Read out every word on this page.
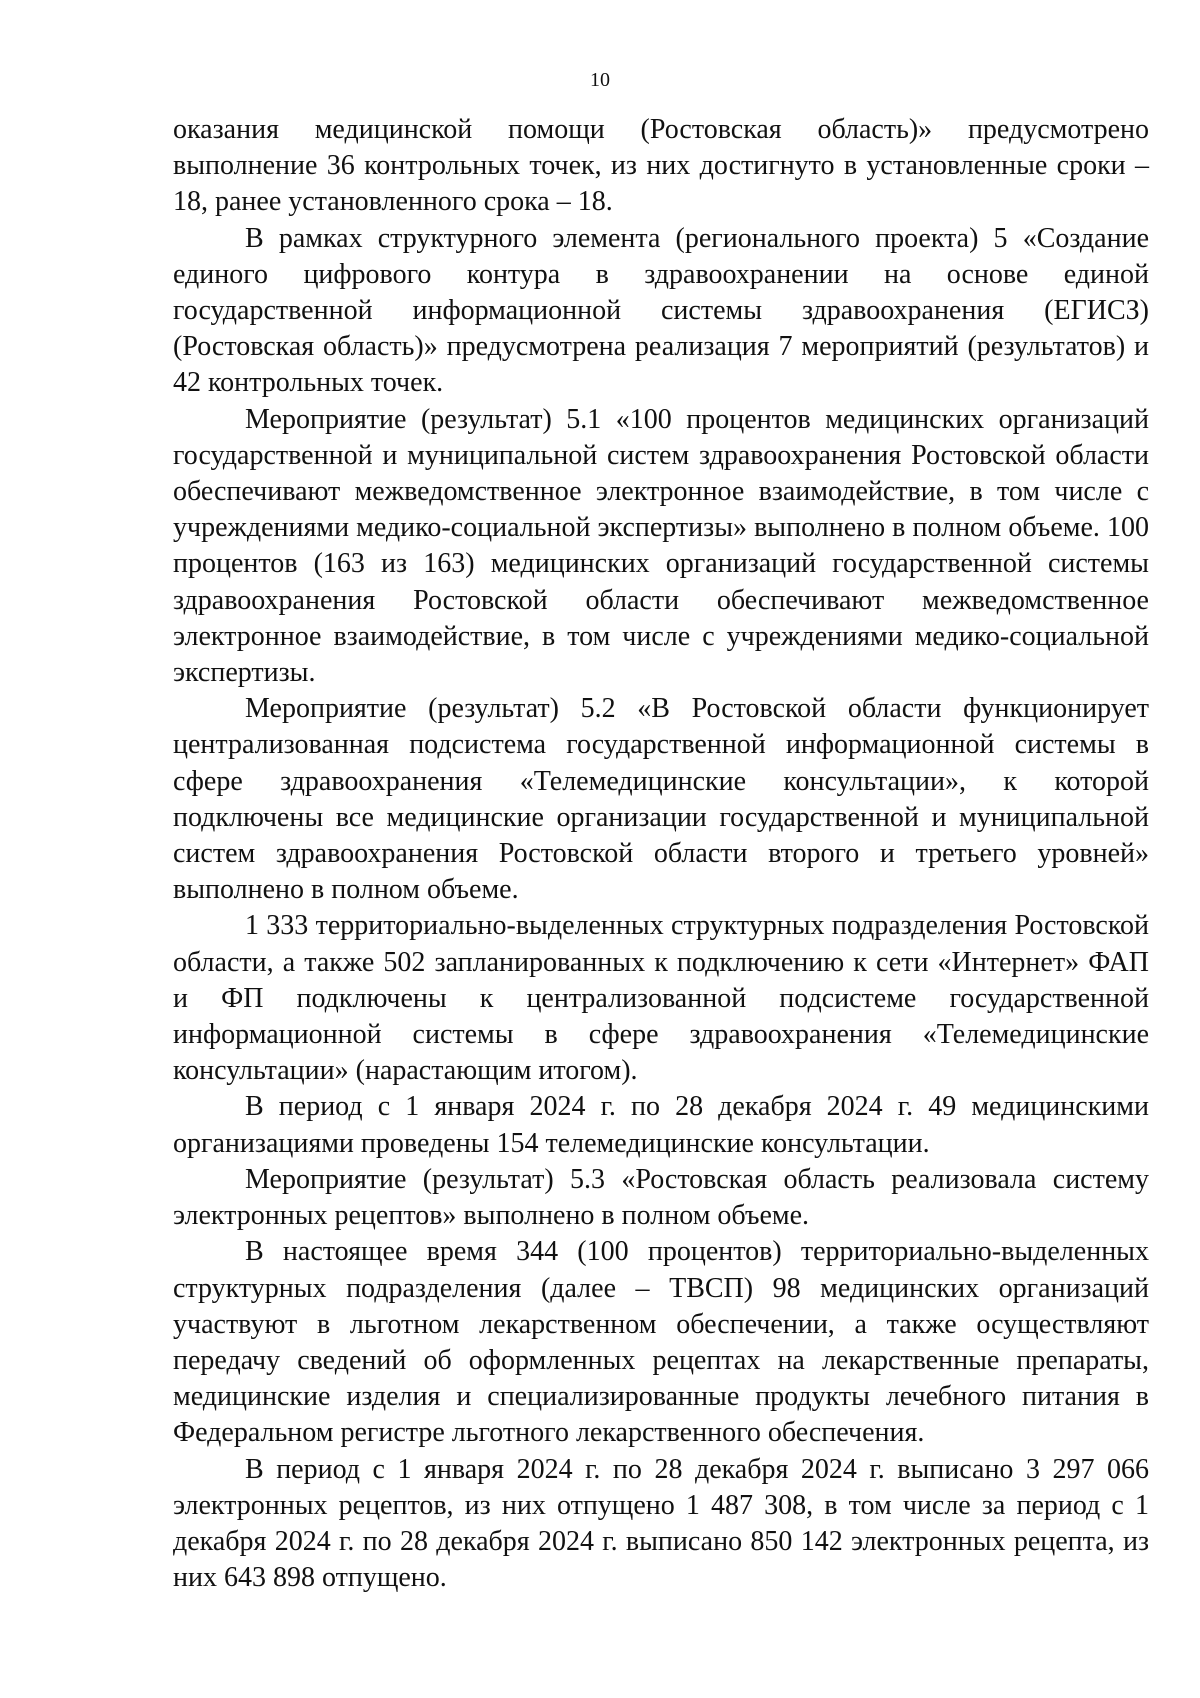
10

оказания медицинской помощи (Ростовская область)» предусмотрено выполнение 36 контрольных точек, из них достигнуто в установленные сроки – 18, ранее установленного срока – 18.

В рамках структурного элемента (регионального проекта) 5 «Создание единого цифрового контура в здравоохранении на основе единой государственной информационной системы здравоохранения (ЕГИСЗ) (Ростовская область)» предусмотрена реализация 7 мероприятий (результатов) и 42 контрольных точек.

Мероприятие (результат) 5.1 «100 процентов медицинских организаций государственной и муниципальной систем здравоохранения Ростовской области обеспечивают межведомственное электронное взаимодействие, в том числе с учреждениями медико-социальной экспертизы» выполнено в полном объеме. 100 процентов (163 из 163) медицинских организаций государственной системы здравоохранения Ростовской области обеспечивают межведомственное электронное взаимодействие, в том числе с учреждениями медико-социальной экспертизы.

Мероприятие (результат) 5.2 «В Ростовской области функционирует централизованная подсистема государственной информационной системы в сфере здравоохранения «Телемедицинские консультации», к которой подключены все медицинские организации государственной и муниципальной систем здравоохранения Ростовской области второго и третьего уровней» выполнено в полном объеме.

1 333 территориально-выделенных структурных подразделения Ростовской области, а также 502 запланированных к подключению к сети «Интернет» ФАП и ФП подключены к централизованной подсистеме государственной информационной системы в сфере здравоохранения «Телемедицинские консультации» (нарастающим итогом).

В период с 1 января 2024 г. по 28 декабря 2024 г. 49 медицинскими организациями проведены 154 телемедицинские консультации.

Мероприятие (результат) 5.3 «Ростовская область реализовала систему электронных рецептов» выполнено в полном объеме.

В настоящее время 344 (100 процентов) территориально-выделенных структурных подразделения (далее – ТВСП) 98 медицинских организаций участвуют в льготном лекарственном обеспечении, а также осуществляют передачу сведений об оформленных рецептах на лекарственные препараты, медицинские изделия и специализированные продукты лечебного питания в Федеральном регистре льготного лекарственного обеспечения.

В период с 1 января 2024 г. по 28 декабря 2024 г. выписано 3 297 066 электронных рецептов, из них отпущено 1 487 308, в том числе за период с 1 декабря 2024 г. по 28 декабря 2024 г. выписано 850 142 электронных рецепта, из них 643 898 отпущено.
